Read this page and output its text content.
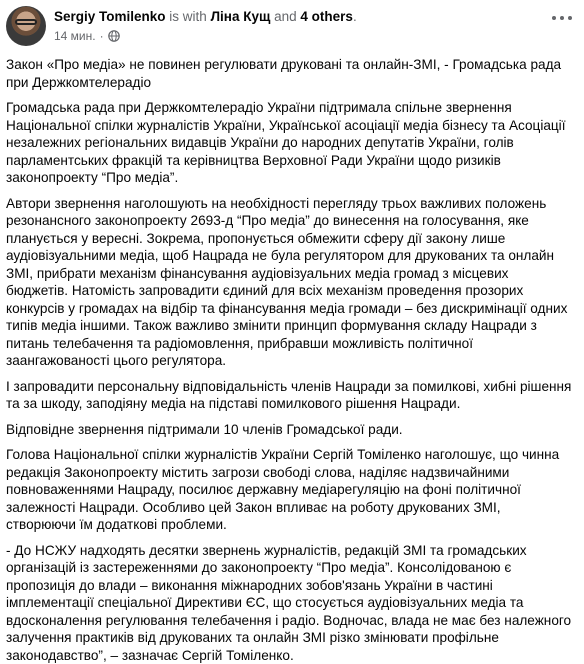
Sergiy Tomilenko is with Ліна Кущ and 4 others.
14 мин. ·

Закон «Про медіа» не повинен регулювати друковані та онлайн-ЗМІ, - Громадська рада при Держкомтелерадіо

Громадська рада при Держкомтелерадіо України підтримала спільне звернення Національної спілки журналістів України, Української асоціації медіа бізнесу та Асоціації незалежних регіональних видавців України до народних депутатів України, голів парламентських фракцій та керівництва Верховної Ради України щодо ризиків законопроекту “Про медіа”.

Автори звернення наголошують на необхідності перегляду трьох важливих положень резонансного законопроекту 2693-д “Про медіа” до винесення на голосування, яке планується у вересні. Зокрема, пропонується обмежити сферу дії закону лише аудіовізуальними медіа, щоб Нацрада не була регулятором для друкованих та онлайн ЗМІ, прибрати механізм фінансування аудіовізуальних медіа громад з місцевих бюджетів. Натомість запровадити єдиний для всіх механізм проведення прозорих конкурсів у громадах на відбір та фінансування медіа громади – без дискримінації одних типів медіа іншими. Також важливо змінити принцип формування складу Нацради з питань телебачення та радіомовлення, прибравши можливість політичної заангажованості цього регулятора.

І запровадити персональну відповідальність членів Нацради за помилкові, хибні рішення та за шкоду, заподіяну медіа на підставі помилкового рішення Нацради.

Відповідне звернення підтримали 10 членів Громадської ради.

Голова Національної спілки журналістів України Сергій Томіленко наголошує, що чинна редакція Законопроекту містить загрози свободі слова, наділяє надзвичайними повноваженнями Нацраду, посилює державну медіарегуляцію на фоні політичної залежності Нацради. Особливо цей Закон впливає на роботу друкованих ЗМІ, створюючи їм додаткові проблеми.

- До НСЖУ надходять десятки звернень журналістів, редакцій ЗМІ та громадських організацій із застереженнями до законопроекту “Про медіа”. Консолідованою є пропозиція до влади – виконання міжнародних зобов'язань України в частині імплементації спеціальної Директиви ЄС, що стосується аудіовізуальних медіа та вдосконалення регулювання телебачення і радіо. Водночас, влада не має без належного залучення практиків від друкованих та онлайн ЗМІ різко змінювати профільне законодавство”, – зазначає Сергій Томіленко.
